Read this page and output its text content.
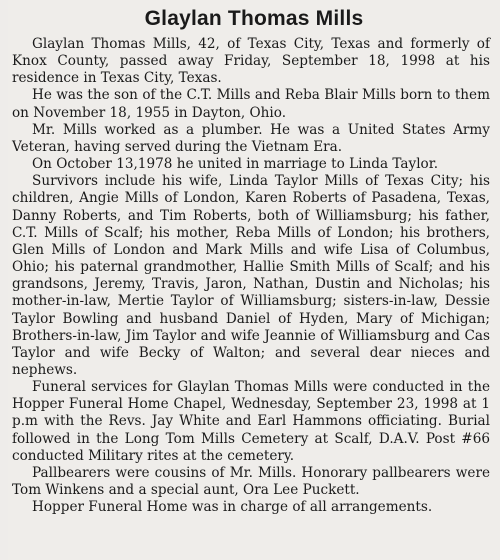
Glaylan Thomas Mills

Glaylan Thomas Mills, 42, of Texas City, Texas and formerly of Knox County, passed away Friday, September 18, 1998 at his residence in Texas City, Texas.

He was the son of the C.T. Mills and Reba Blair Mills born to them on November 18, 1955 in Dayton, Ohio.

Mr. Mills worked as a plumber. He was a United States Army Veteran, having served during the Vietnam Era.

On October 13,1978 he united in marriage to Linda Taylor.

Survivors include his wife, Linda Taylor Mills of Texas City; his children, Angie Mills of London, Karen Roberts of Pasadena, Texas, Danny Roberts, and Tim Roberts, both of Williamsburg; his father, C.T. Mills of Scalf; his mother, Reba Mills of London; his brothers, Glen Mills of London and Mark Mills and wife Lisa of Columbus, Ohio; his paternal grandmother, Hallie Smith Mills of Scalf; and his grandsons, Jeremy, Travis, Jaron, Nathan, Dustin and Nicholas; his mother-in-law, Mertie Taylor of Williamsburg; sisters-in-law, Dessie Taylor Bowling and husband Daniel of Hyden, Mary of Michigan; Brothers-in-law, Jim Taylor and wife Jeannie of Williamsburg and Cas Taylor and wife Becky of Walton; and several dear nieces and nephews.

Funeral services for Glaylan Thomas Mills were conducted in the Hopper Funeral Home Chapel, Wednesday, September 23, 1998 at 1 p.m with the Revs. Jay White and Earl Hammons officiating. Burial followed in the Long Tom Mills Cemetery at Scalf, D.A.V. Post #66 conducted Military rites at the cemetery.

Pallbearers were cousins of Mr. Mills. Honorary pallbearers were Tom Winkens and a special aunt, Ora Lee Puckett.

Hopper Funeral Home was in charge of all arrangements.
